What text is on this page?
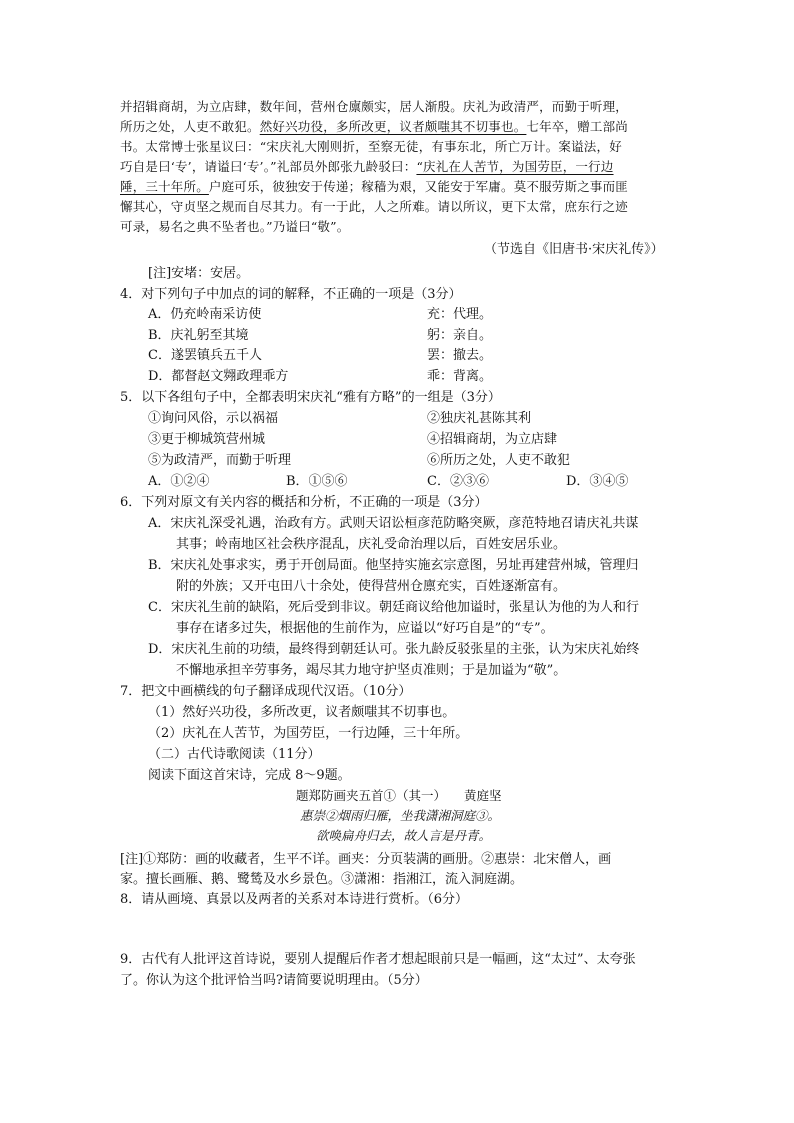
并招辑商胡，为立店肆，数年间，营州仓廪颇实，居人渐殷。庆礼为政清严，而勤于听理，
所历之处，人吏不敢犯。然好兴功役，多所改更，议者颇嗤其不切事也。七年卒，赠工部尚
书。太常博士张星议曰：“宋庆礼大刚则折，至察无徒，有事东北，所亡万计。案谥法，好
巧自是曰‘专’，请谥曰‘专’。”礼部员外郎张九龄驳曰：“庆礼在人苦节，为国劳臣，一行边
陲，三十年所。户庭可乐，彼独安于传递；稼穑为艰，又能安于军庸。莫不服劳斯之事而匪
懈其心，守贞坚之规而自尽其力。有一于此，人之所难。请以所议，更下太常，庶东行之迹
可录，易名之典不坠者也。”乃谥曰“敬”。
（节选自《旧唐书·宋庆礼传》）
[注]安堵：安居。
4．对下列句子中加点的词的解释，不正确的一项是（3分）
A．仍充岭南采访使	充：代理。
B．庆礼躬至其境	躬：亲自。
C．遂罢镇兵五千人	罢：撤去。
D．都督赵文翙政理乖方	乖：背离。
5．以下各组句子中，全都表明宋庆礼“雅有方略”的一组是（3分）
①询问风俗，示以祸福	②独庆礼甚陈其利
③更于柳城筑营州城	④招辑商胡，为立店肆
⑤为政清严，而勤于听理	⑥所历之处，人吏不敢犯
A．①②④	B．①⑤⑥	C．②③⑥	D．③④⑤
6．下列对原文有关内容的概括和分析，不正确的一项是（3分）
A．宋庆礼深受礼遇，治政有方。武则天诏讼桓彦范防略突厥，彦范特地召请庆礼共谋
其事；岭南地区社会秩序混乱，庆礼受命治理以后，百姓安居乐业。
B．宋庆礼处事求实，勇于开创局面。他坚持实施玄宗意图，另址再建营州城，管理归
附的外族；又开屯田八十余处，使得营州仓廪充实，百姓逐渐富有。
C．宋庆礼生前的缺陷，死后受到非议。朝廷商议给他加谥时，张星认为他的为人和行
事存在诸多过失，根据他的生前作为，应谥以“好巧自是”的“专”。
D．宋庆礼生前的功绩，最终得到朝廷认可。张九龄反驳张星的主张，认为宋庆礼始终
不懈地承担辛劳事务，竭尽其力地守护坚贞准则；于是加谥为“敬”。
7．把文中画横线的句子翻译成现代汉语。（10分）
（1）然好兴功役，多所改更，议者颇嗤其不切事也。
（2）庆礼在人苦节，为国劳臣，一行边陲，三十年所。
（二）古代诗歌阅读（11分）
阅读下面这首宋诗，完成 8～9题。
题郑防画夹五首①（其一） 黄庭坚
惠崇②烟雨归雁，坐我潇湘洞庭③。
欲唤扁舟归去，故人言是丹青。
[注]①郑防：画的收藏者，生平不详。画夹：分页装满的画册。②惠崇：北宋僧人，画
家。擅长画雁、鹅、鹭鸶及水乡景色。③潇湘：指湘江，流入洞庭湖。
8．请从画境、真景以及两者的关系对本诗进行赏析。（6分）
9．古代有人批评这首诗说，要别人提醒后作者才想起眼前只是一幅画，这“太过”、太夸张
了。你认为这个批评恰当吗?请简要说明理由。（5分）
